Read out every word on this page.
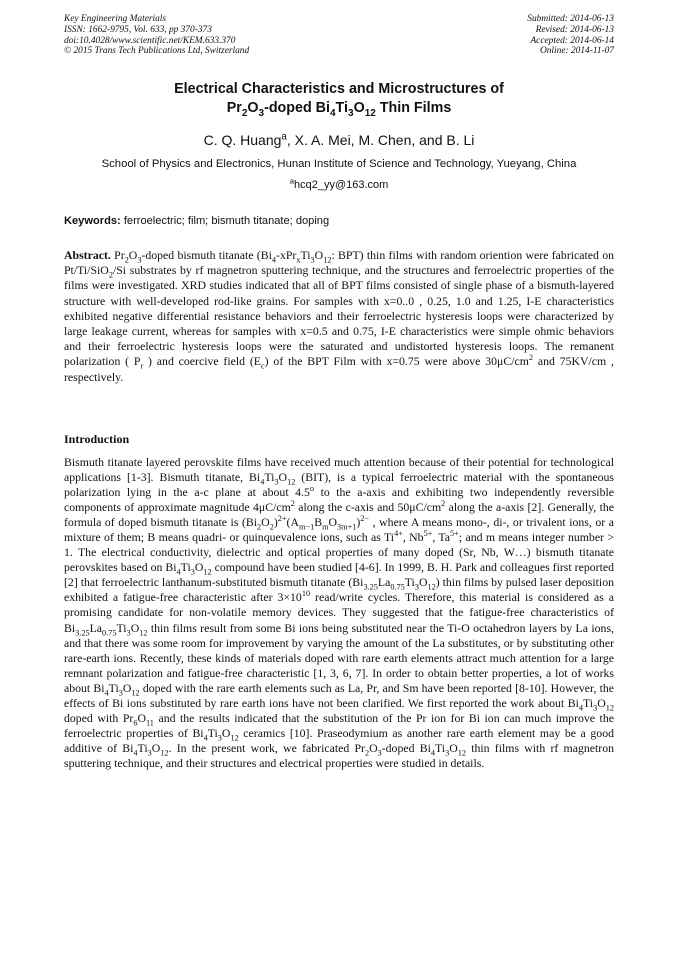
Key Engineering Materials
ISSN: 1662-9795, Vol. 633, pp 370-373
doi:10.4028/www.scientific.net/KEM.633.370
© 2015 Trans Tech Publications Ltd, Switzerland
Submitted: 2014-06-13
Revised: 2014-06-13
Accepted: 2014-06-14
Online: 2014-11-07
Electrical Characteristics and Microstructures of
$Pr_2O_3$-doped $Bi_4Ti_3O_{12}$ Thin Films
C. Q. Huang$^a$, X. A. Mei, M. Chen, and B. Li
School of Physics and Electronics, Hunan Institute of Science and Technology, Yueyang, China
$^a$hcq2_yy@163.com
Keywords: ferroelectric; film; bismuth titanate; doping
Abstract. $Pr_2O_3$-doped bismuth titanate ($Bi_4-xPr_xTi_3O_{12}$: BPT) thin films with random oriention were fabricated on Pt/Ti/SiO$_2$/Si substrates by rf magnetron sputtering technique, and the structures and ferroelectric properties of the films were investigated. XRD studies indicated that all of BPT films consisted of single phase of a bismuth-layered structure with well-developed rod-like grains. For samples with x=0..0 , 0.25, 1.0 and 1.25, I-E characteristics exhibited negative differential resistance behaviors and their ferroelectric hysteresis loops were characterized by large leakage current, whereas for samples with x=0.5 and 0.75, I-E characteristics were simple ohmic behaviors and their ferroelectric hysteresis loops were the saturated and undistorted hysteresis loops. The remanent polarization ( $P_r$ ) and coercive field $(E_c)$ of the BPT Film with x=0.75 were above $30\mu C/cm^2$ and 75KV/cm , respectively.
Introduction
Bismuth titanate layered perovskite films have received much attention because of their potential for technological applications [1-3]. Bismuth titanate, $Bi_4Ti_3O_{12}$ (BIT), is a typical ferroelectric material with the spontaneous polarization lying in the a-c plane at about 4.5$^o$ to the a-axis and exhibiting two independently reversible components of approximate magnitude $4\mu C/cm^2$ along the c-axis and $50\mu C/cm^2$ along the a-axis [2]. Generally, the formula of doped bismuth titanate is $(Bi_2O_2)^{2+}(A_{m-1}B_mO_{3m+1})^{2-}$ , where A means mono-, di-, or trivalent ions, or a mixture of them; B means quadri- or quinquevalence ions, such as $Ti^{4+}$, $Nb^{5+}$, $Ta^{5+}$; and m means integer number > 1. The electrical conductivity, dielectric and optical properties of many doped (Sr, Nb, W…) bismuth titanate perovskites based on $Bi_4Ti_3O_{12}$ compound have been studied [4-6]. In 1999, B. H. Park and colleagues first reported [2] that ferroelectric lanthanum-substituted bismuth titanate $(Bi_{3.25}La_{0.75}Ti_3O_{12})$ thin films by pulsed laser deposition exhibited a fatigue-free characteristic after $3\times 10^{10}$ read/write cycles. Therefore, this material is considered as a promising candidate for non-volatile memory devices. They suggested that the fatigue-free characteristics of $Bi_{3.25}La_{0.75}Ti_3O_{12}$ thin films result from some Bi ions being substituted near the Ti-O octahedron layers by La ions, and that there was some room for improvement by varying the amount of the La substitutes, or by substituting other rare-earth ions. Recently, these kinds of materials doped with rare earth elements attract much attention for a large remnant polarization and fatigue-free characteristic [1, 3, 6, 7]. In order to obtain better properties, a lot of works about $Bi_4Ti_3O_{12}$ doped with the rare earth elements such as La, Pr, and Sm have been reported [8-10]. However, the effects of Bi ions substituted by rare earth ions have not been clarified. We first reported the work about $Bi_4Ti_3O_{12}$ doped with $Pr_6O_{11}$ and the results indicated that the substitution of the Pr ion for Bi ion can much improve the ferroelectric properties of $Bi_4Ti_3O_{12}$ ceramics [10]. Praseodymium as another rare earth element may be a good additive of $Bi_4Ti_3O_{12}$. In the present work, we fabricated $Pr_2O_3$-doped $Bi_4Ti_3O_{12}$ thin films with rf magnetron sputtering technique, and their structures and electrical properties were studied in details.
